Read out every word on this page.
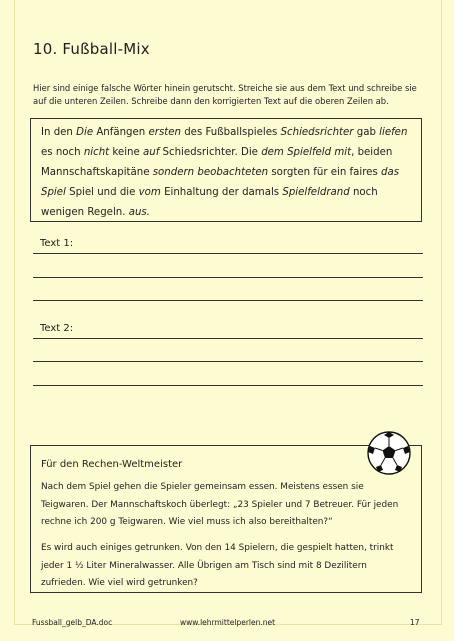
10. Fußball-Mix
Hier sind einige falsche Wörter hinein gerutscht. Streiche sie aus dem Text und schreibe sie auf die unteren Zeilen. Schreibe dann den korrigierten Text auf die oberen Zeilen ab.
In den Die Anfängen ersten des Fußballspieles Schiedsrichter gab liefen es noch nicht keine auf Schiedsrichter. Die dem Spielfeld mit, beiden Mannschaftskapitäne sondern beobachteten sorgten für ein faires das Spiel Spiel und die vom Einhaltung der damals Spielfeldrand noch wenigen Regeln. aus.
Text 1:
Text 2:
Für den Rechen-Weltmeister
Nach dem Spiel gehen die Spieler gemeinsam essen. Meistens essen sie Teigwaren. Der Mannschaftskoch überlegt: „23 Spieler und 7 Betreuer. Für jeden rechne ich 200 g Teigwaren. Wie viel muss ich also bereithalten?“
Es wird auch einiges getrunken. Von den 14 Spielern, die gespielt hatten, trinkt jeder 1 ½ Liter Mineralwasser. Alle Übrigen am Tisch sind mit 8 Dezilitern zufrieden. Wie viel wird getrunken?
Fussball_gelb_DA.doc	www.lehrmittelperlen.net	17
